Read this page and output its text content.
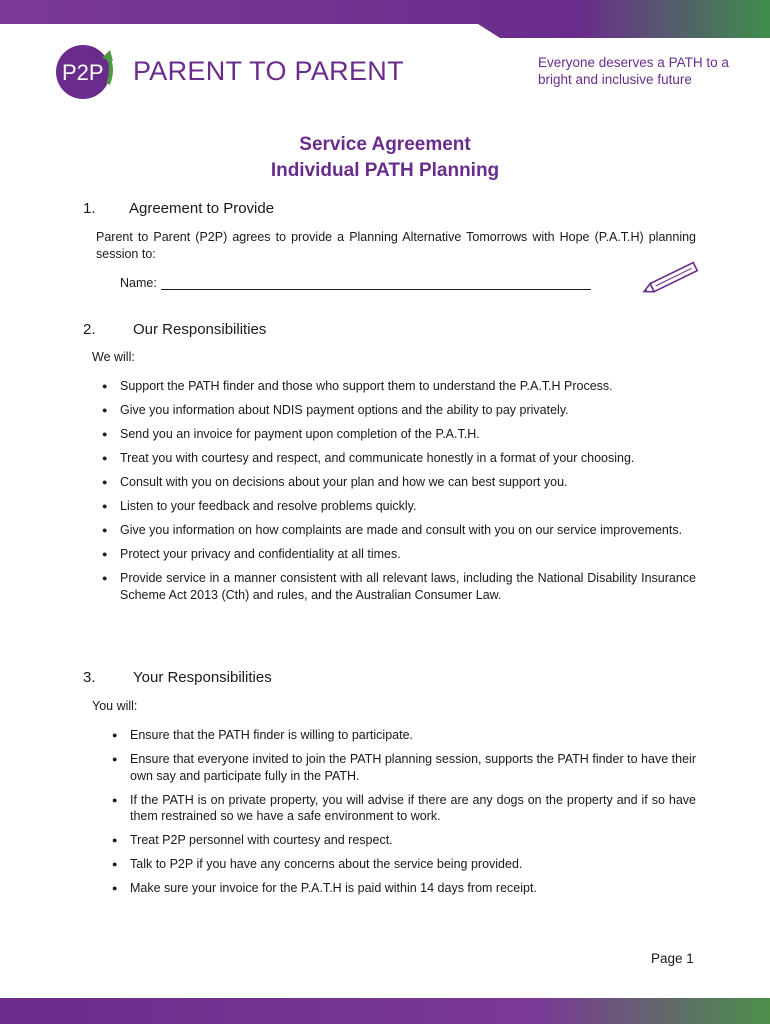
P2P PARENT TO PARENT	Everyone deserves a PATH to a bright and inclusive future
Service Agreement
Individual PATH Planning
1. Agreement to Provide
Parent to Parent (P2P) agrees to provide a Planning Alternative Tomorrows with Hope (P.A.T.H) planning session to:
Name:
2. Our Responsibilities
We will:
● Support the PATH finder and those who support them to understand the P.A.T.H Process.
● Give you information about NDIS payment options and the ability to pay privately.
● Send you an invoice for payment upon completion of the P.A.T.H.
● Treat you with courtesy and respect, and communicate honestly in a format of your choosing.
● Consult with you on decisions about your plan and how we can best support you.
● Listen to your feedback and resolve problems quickly.
● Give you information on how complaints are made and consult with you on our service improvements.
● Protect your privacy and confidentiality at all times.
● Provide service in a manner consistent with all relevant laws, including the National Disability Insurance Scheme Act 2013 (Cth) and rules, and the Australian Consumer Law.
3. Your Responsibilities
You will:
● Ensure that the PATH finder is willing to participate.
● Ensure that everyone invited to join the PATH planning session, supports the PATH finder to have their own say and participate fully in the PATH.
● If the PATH is on private property, you will advise if there are any dogs on the property and if so have them restrained so we have a safe environment to work.
● Treat P2P personnel with courtesy and respect.
● Talk to P2P if you have any concerns about the service being provided.
● Make sure your invoice for the P.A.T.H is paid within 14 days from receipt.
Page 1
